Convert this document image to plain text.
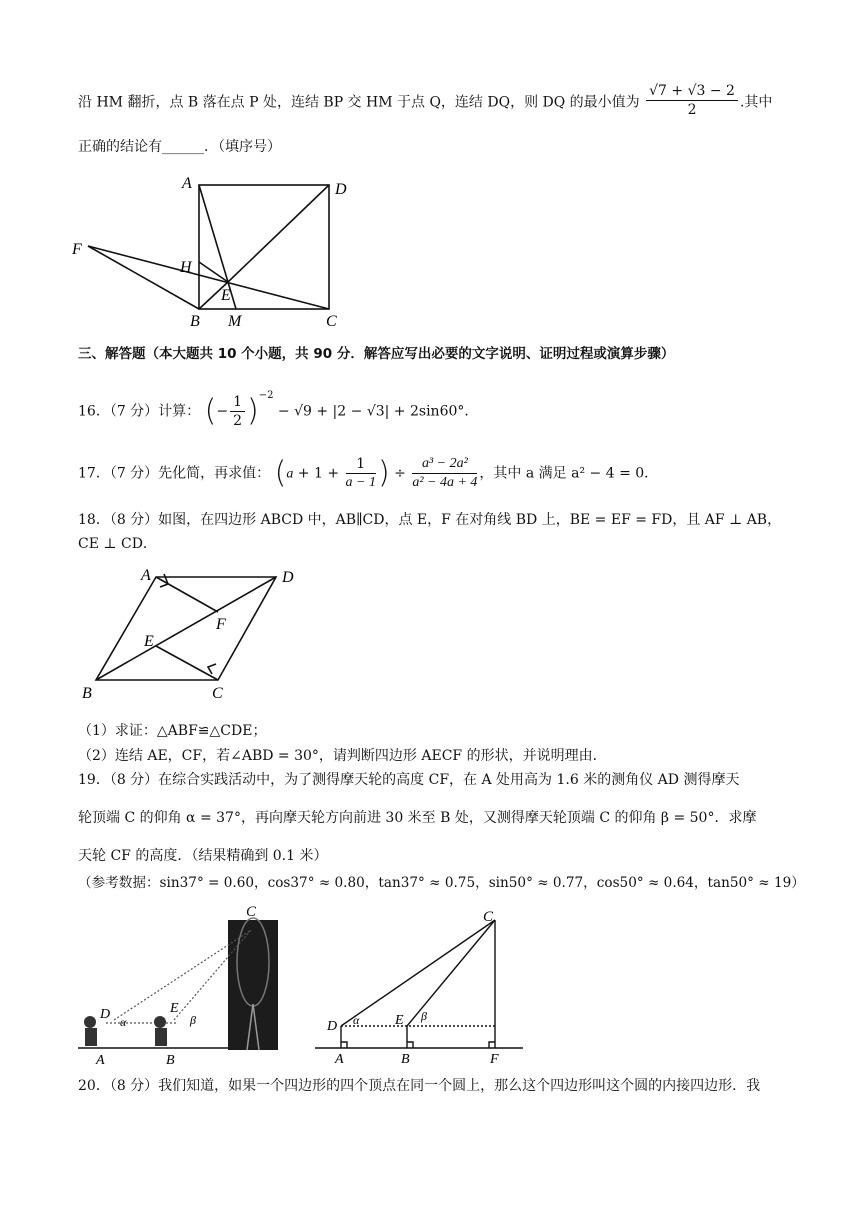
沿 HM 翻折，点 B 落在点 P 处，连结 BP 交 HM 于点 Q，连结 DQ，则 DQ 的最小值为 $\frac{√7 + √3 - 2}{2}$ .其中
正确的结论有______．（填序号）
A	D
F
H
E
B M	C
三、解答题（本大题共 10 个小题，共 90 分．解答应写出必要的文字说明、证明过程或演算步骤）
16．（7 分）计算： (− $\frac{1}{2} )^{-2} - √9 + |2 - √3| + 2\sin 60^\circ$．
17．（7 分）先化简，再求值： ($a + 1 + \frac{1}{a - 1}$ ) ÷ $\frac{\text{a³ − 2a²}}{\text{a² − 4a + 4}}$ ，其中 a 满足 a² − 4 = 0．
18．（8 分）如图，在四边形 ABCD 中，AB∥CD，点 E，F 在对角线 BD 上，BE = EF = FD，且 AF ⊥ AB，
CE ⊥ CD．
A	D
F
E
B	C
（1）求证：△ABF≌△CDE；
（2）连结 AE，CF，若∠ABD = 30°，请判断四边形 AECF 的形状，并说明理由．
19．（8 分）在综合实践活动中，为了测得摩天轮的高度 CF，在 A 处用高为 1.6 米的测角仪 AD 测得摩天
轮顶端 C 的仰角 α = 37°，再向摩天轮方向前进 30 米至 B 处，又测得摩天轮顶端 C 的仰角 β = 50°．求摩
天轮 CF 的高度．（结果精确到 0.1 米）
（参考数据：sin37° = 0.60，cos37° ≈ 0.80，tan37° ≈ 0.75，sin50° ≈ 0.77，cos50° ≈ 0.64，tan50° ≈ 19）
C
D α
E
β
A	B
C
D α	E β
A	B	F
20．（8 分）我们知道，如果一个四边形的四个顶点在同一个圆上，那么这个四边形叫这个圆的内接四边形．我
